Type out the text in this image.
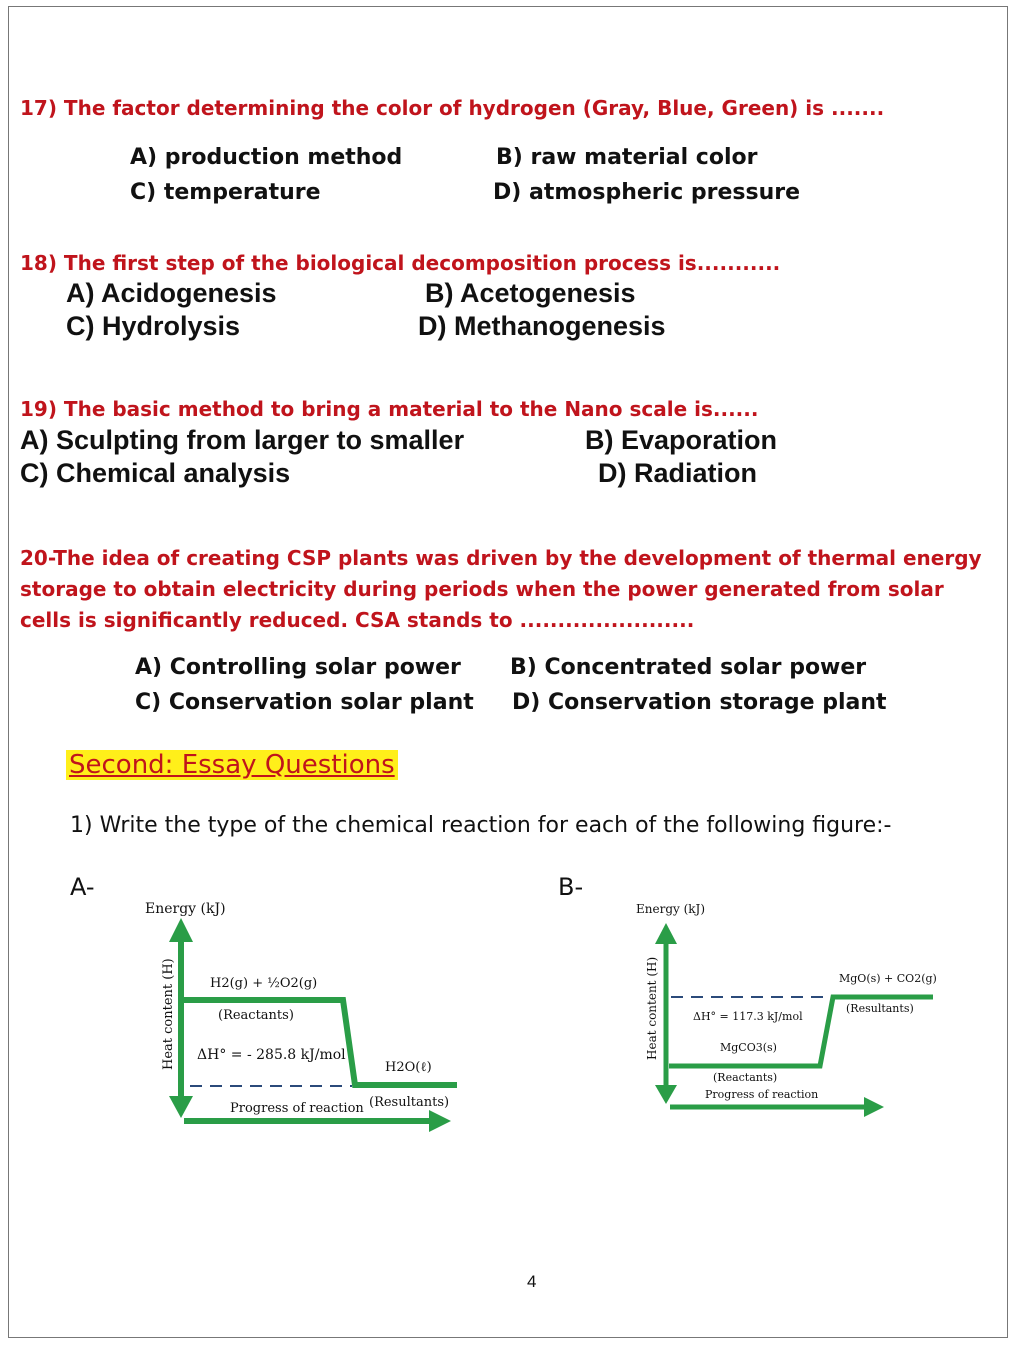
17) The factor determining the color of hydrogen (Gray, Blue, Green) is .......
A) production method	B) raw material color
C) temperature	D) atmospheric pressure
18) The first step of the biological decomposition process is...........
A) Acidogenesis	B) Acetogenesis
C) Hydrolysis	D) Methanogenesis
19) The basic method to bring a material to the Nano scale is......
A) Sculpting from larger to smaller	B) Evaporation
C) Chemical analysis	D) Radiation
20-The idea of creating CSP plants was driven by the development of thermal energy storage to obtain electricity during periods when the power generated from solar cells is significantly reduced. CSA stands to .......................
A) Controlling solar power B) Concentrated solar power
C) Conservation solar plant D) Conservation storage plant
Second: Essay Questions
1) Write the type of the chemical reaction for each of the following figure:-
A-	B-
Energy (kJ)
Heat content (H)	H2(g) + ½O2(g)
(Reactants)
ΔH° = - 285.8 kJ/mol
H2O(ℓ)
(Resultants)
Progress of reaction
Energy (kJ)
Heat content (H)	MgO(s) + CO2(g)
(Resultants)
ΔH° = 117.3 kJ/mol
MgCO3(s)
(Reactants)
Progress of reaction
4
